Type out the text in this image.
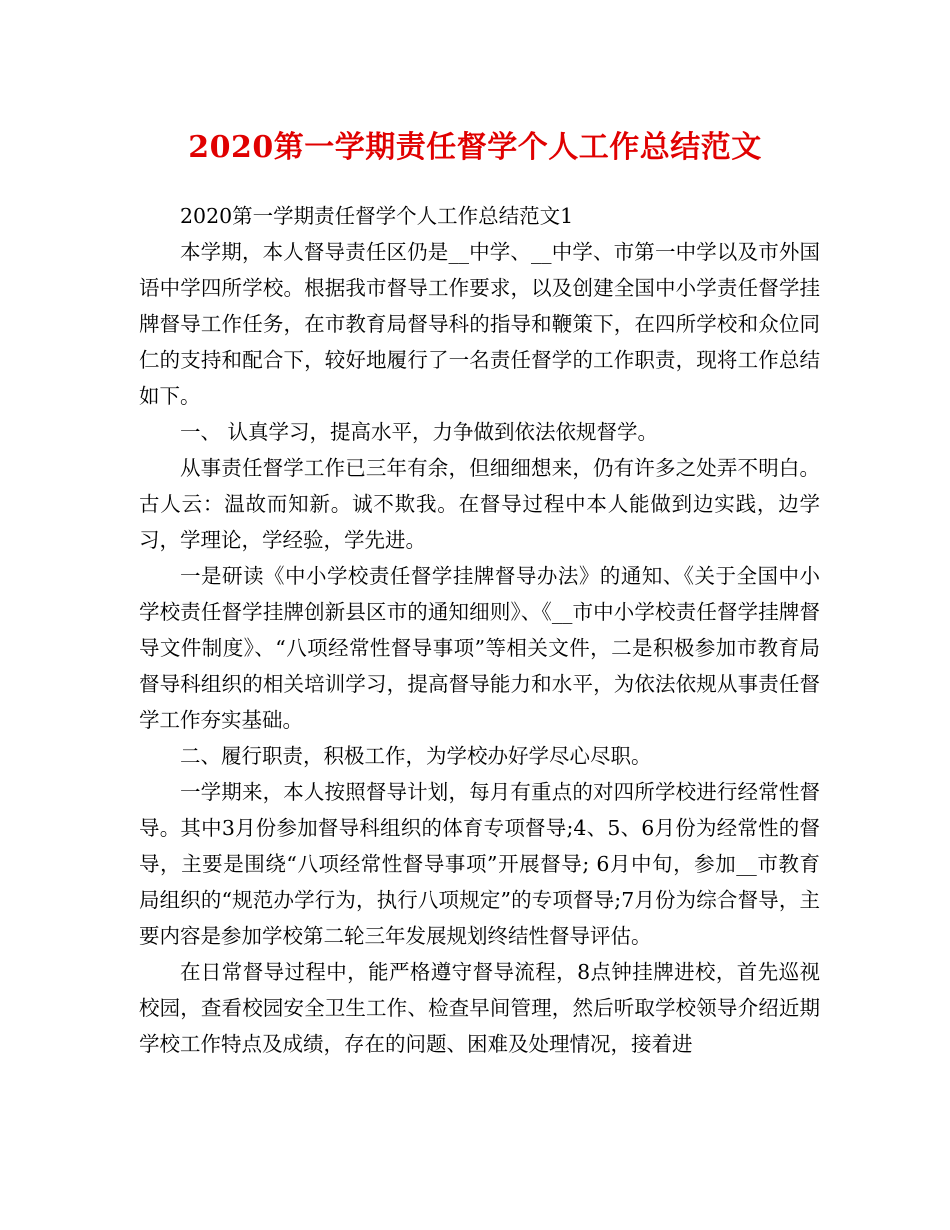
2020第一学期责任督学个人工作总结范文

2020第一学期责任督学个人工作总结范文1

本学期，本人督导责任区仍是__中学、__中学、市第一中学以及市外国语中学四所学校。根据我市督导工作要求，以及创建全国中小学责任督学挂牌督导工作任务，在市教育局督导科的指导和鞭策下，在四所学校和众位同仁的支持和配合下，较好地履行了一名责任督学的工作职责，现将工作总结如下。

一、 认真学习，提高水平，力争做到依法依规督学。

从事责任督学工作已三年有余，但细细想来，仍有许多之处弄不明白。古人云：温故而知新。诚不欺我。在督导过程中本人能做到边实践，边学习，学理论，学经验，学先进。

一是研读《中小学校责任督学挂牌督导办法》的通知、《关于全国中小学校责任督学挂牌创新县区市的通知细则》、《__市中小学校责任督学挂牌督导文件制度》、“八项经常性督导事项”等相关文件，二是积极参加市教育局督导科组织的相关培训学习，提高督导能力和水平，为依法依规从事责任督学工作夯实基础。

二、履行职责，积极工作，为学校办好学尽心尽职。

一学期来，本人按照督导计划，每月有重点的对四所学校进行经常性督导。其中3月份参加督导科组织的体育专项督导;4、5、6月份为经常性的督导，主要是围绕“八项经常性督导事项”开展督导; 6月中旬，参加__市教育局组织的“规范办学行为，执行八项规定”的专项督导;7月份为综合督导，主要内容是参加学校第二轮三年发展规划终结性督导评估。

在日常督导过程中，能严格遵守督导流程，8点钟挂牌进校，首先巡视校园，查看校园安全卫生工作、检查早间管理，然后听取学校领导介绍近期学校工作特点及成绩，存在的问题、困难及处理情况，接着进
